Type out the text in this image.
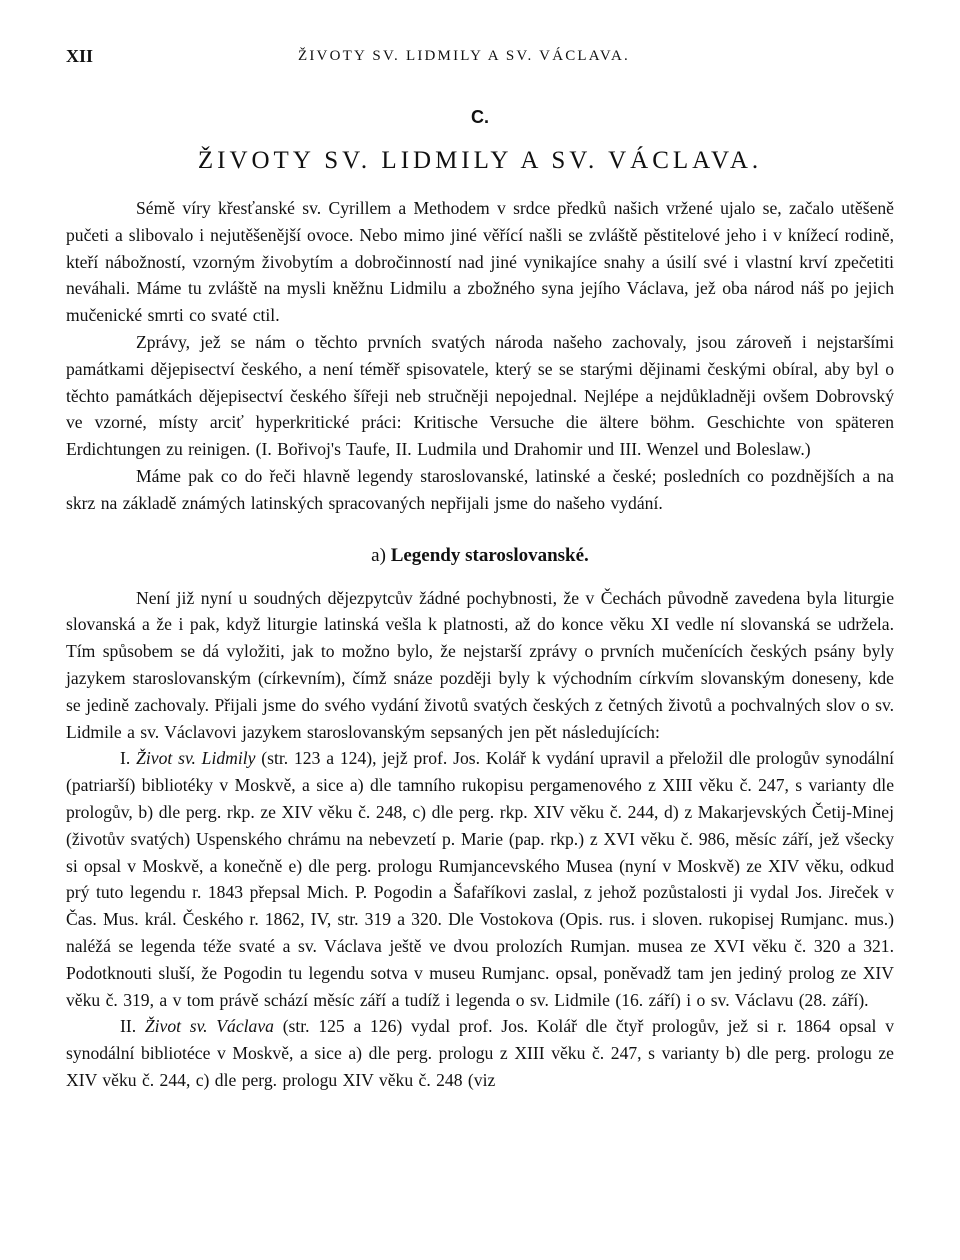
XII	ŽIVOTY SV. LIDMILY A SV. VÁCLAVA.
C.
ŽIVOTY SV. LIDMILY A SV. VÁCLAVA.

Sémě víry křesťanské sv. Cyrillem a Methodem v srdce předků našich vržené ujalo se, začalo utěšeně pučeti a slibovalo i nejutěšenější ovoce. Nebo mimo jiné věřící našli se zvláště pěstitelové jeho i v knížecí rodině, kteří nábožností, vzorným živobytím a dobročinností nad jiné vynikajíce snahy a úsilí své i vlastní krví zpečetiti neváhali. Máme tu zvláště na mysli kněžnu Lidmilu a zbožného syna jejího Václava, jež oba národ náš po jejich mučenické smrti co svaté ctil.

Zprávy, jež se nám o těchto prvních svatých národa našeho zachovaly, jsou zároveň i nejstaršími památkami dějepisectví českého, a není téměř spisovatele, který se se starými dějinami českými obíral, aby byl o těchto památkách dějepisectví českého šířeji neb stručněji nepojednal. Nejlépe a nejdůkladněji ovšem Dobrovský ve vzorné, místy arciť hyperkritické práci: Kritische Versuche die ältere böhm. Geschichte von späteren Erdichtungen zu reinigen. (I. Bořivoj's Taufe, II. Ludmila und Drahomir und III. Wenzel und Boleslaw.)

Máme pak co do řeči hlavně legendy staroslovanské, latinské a české; posledních co pozdnějších a na skrz na základě známých latinských spracovaných nepřijali jsme do našeho vydání.

a) Legendy staroslovanské.

Není již nyní u soudných dějezpytcův žádné pochybnosti, že v Čechách původně zavedena byla liturgie slovanská a že i pak, když liturgie latinská vešla k platnosti, až do konce věku XI vedle ní slovanská se udržela. Tím spůsobem se dá vyložiti, jak to možno bylo, že nejstarší zprávy o prvních mučenících českých psány byly jazykem staroslovanským (církevním), čímž snáze později byly k východním církvím slovanským doneseny, kde se jedině zachovaly. Přijali jsme do svého vydání životů svatých českých z četných životů a pochvalných slov o sv. Lidmile a sv. Václavovi jazykem staroslovanským sepsaných jen pět následujících:

I. Život sv. Lidmily (str. 123 a 124), jejž prof. Jos. Kolář k vydání upravil a přeložil dle prologův synodální (patriarší) bibliotéky v Moskvě, a sice a) dle tamního rukopisu pergamenového z XIII věku č. 247, s varianty dle prologův, b) dle perg. rkp. ze XIV věku č. 248, c) dle perg. rkp. XIV věku č. 244, d) z Makarjevských Četij-Minej (životův svatých) Uspenského chrámu na nebevzetí p. Marie (pap. rkp.) z XVI věku č. 986, měsíc září, jež všecky si opsal v Moskvě, a konečně e) dle perg. prologu Rumjancevského Musea (nyní v Moskvě) ze XIV věku, odkud prý tuto legendu r. 1843 přepsal Mich. P. Pogodin a Šafaříkovi zaslal, z jehož pozůstalosti ji vydal Jos. Jireček v Čas. Mus. král. Českého r. 1862, IV, str. 319 a 320. Dle Vostokova (Opis. rus. i sloven. rukopisej Rumjanc. mus.) naléžá se legenda téže svaté a sv. Václava ještě ve dvou prolozích Rumjan. musea ze XVI věku č. 320 a 321. Podotknouti sluší, že Pogodin tu legendu sotva v museu Rumjanc. opsal, poněvadž tam jen jediný prolog ze XIV věku č. 319, a v tom právě schází měsíc září a tudíž i legenda o sv. Lidmile (16. září) i o sv. Václavu (28. září).

II. Život sv. Václava (str. 125 a 126) vydal prof. Jos. Kolář dle čtyř prologův, jež si r. 1864 opsal v synodální bibliotéce v Moskvě, a sice a) dle perg. prologu z XIII věku č. 247, s varianty b) dle perg. prologu ze XIV věku č. 244, c) dle perg. prologu XIV věku č. 248 (viz
